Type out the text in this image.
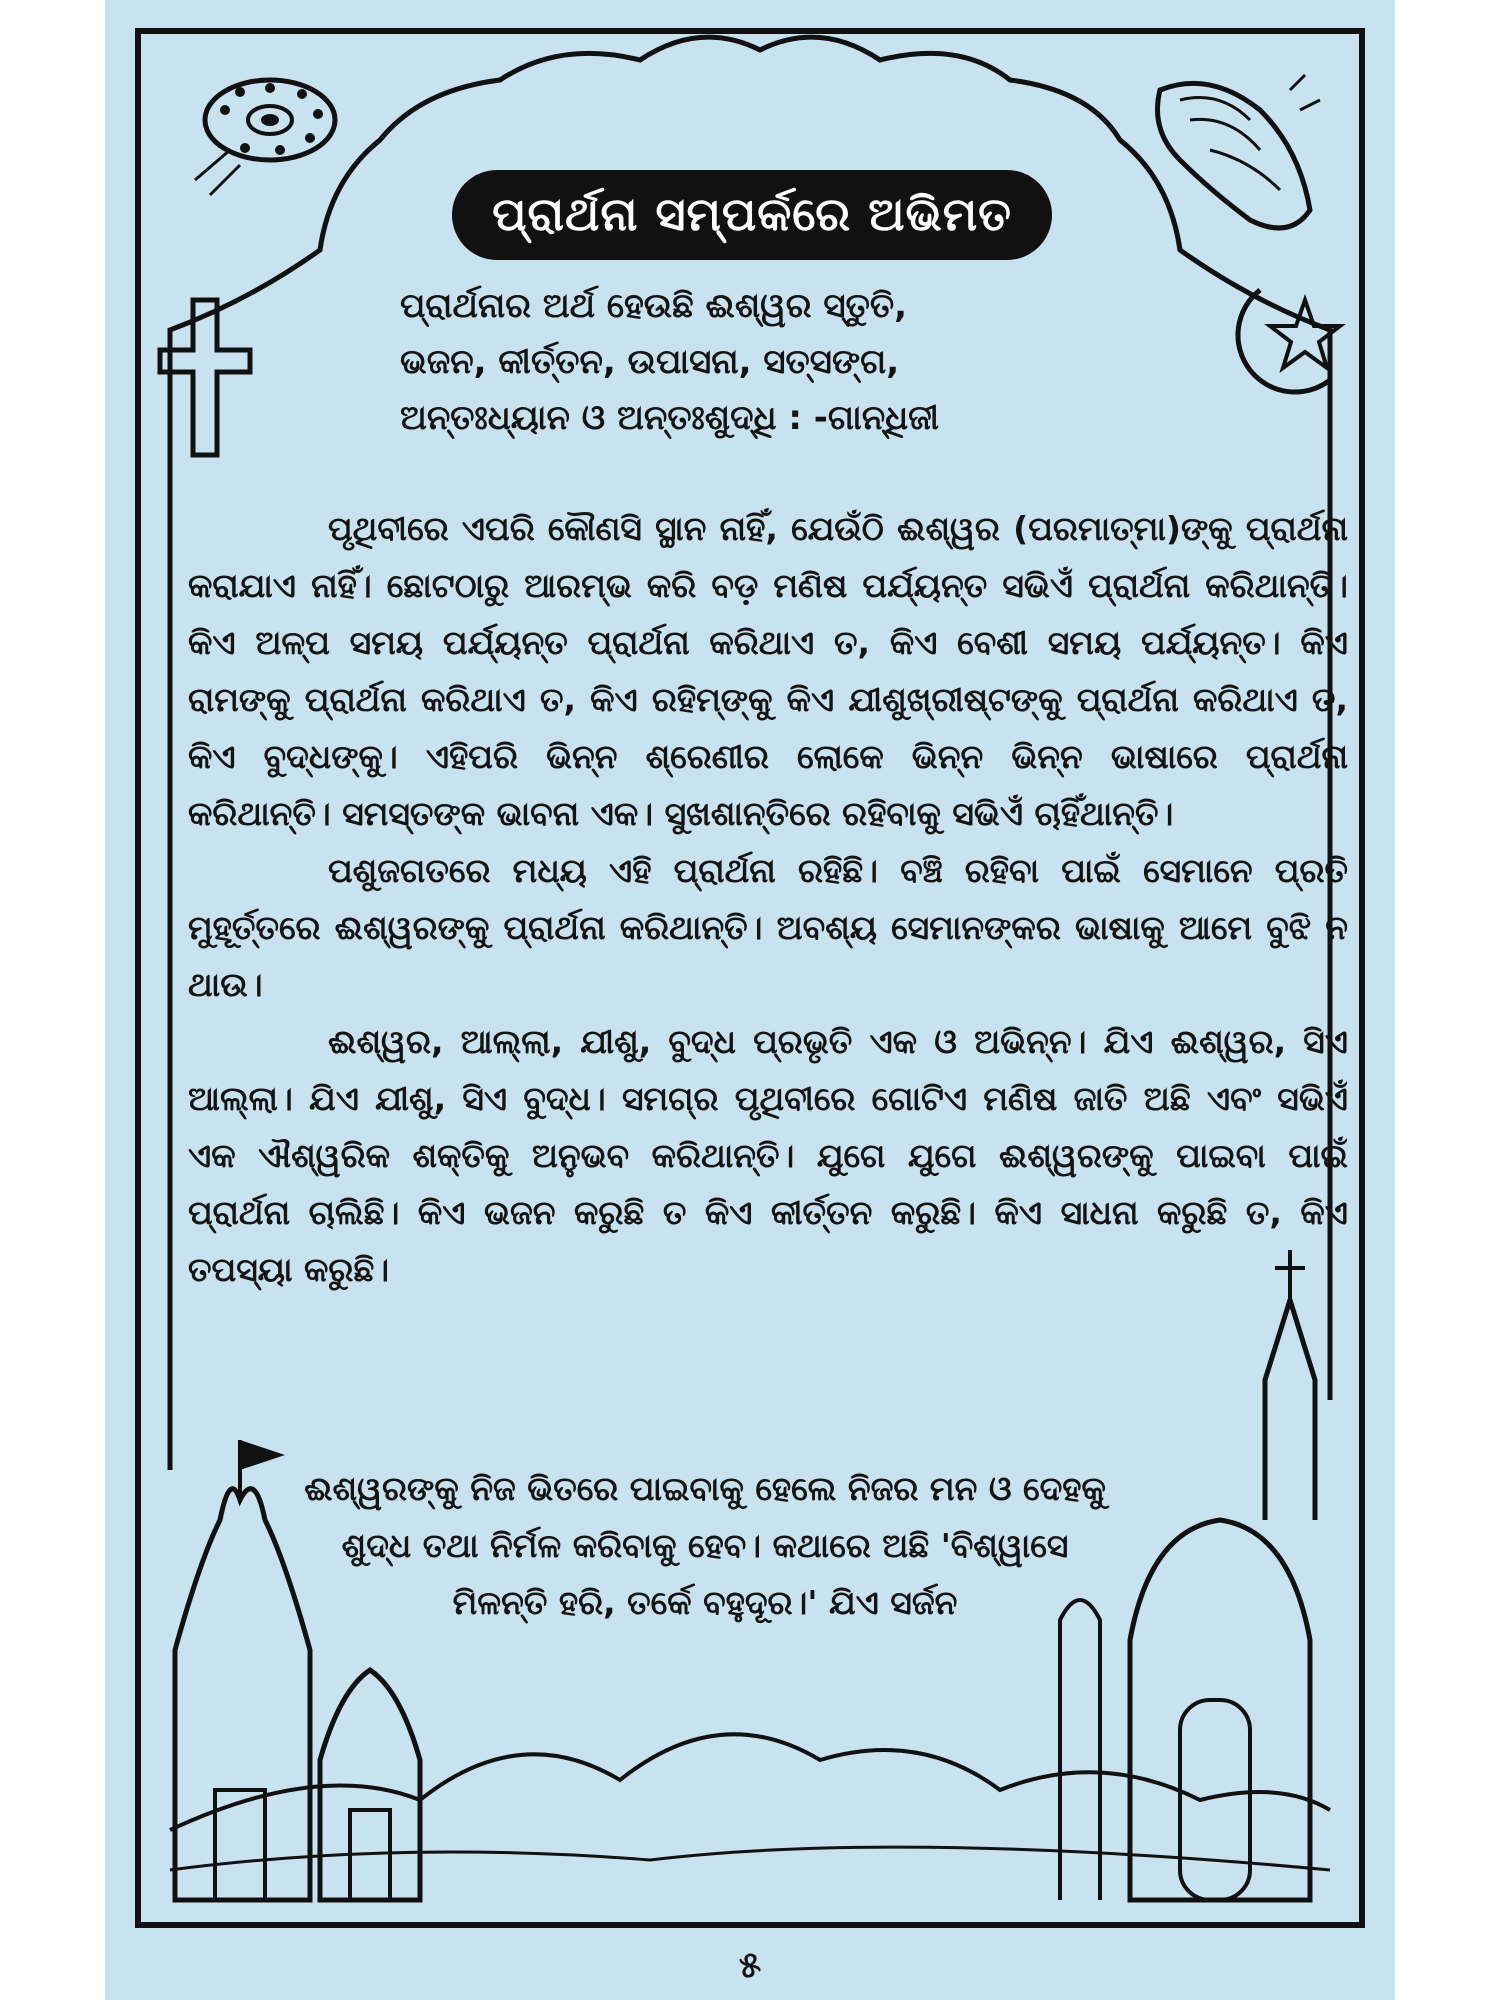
ପ୍ରାର୍ଥନା ସମ୍ପର୍କରେ ଅଭିମତ
ପ୍ରାର୍ଥନାର ଅର୍ଥ ହେଉଛି ଈଶ୍ୱର ସ୍ତୁତି,
ଭଜନ, କୀର୍ତ୍ତନ, ଉପାସନା, ସତ୍‌ସଙ୍ଗ,
ଅନ୍ତଃଧ୍ୟାନ ଓ ଅନ୍ତଃଶୁଦ୍ଧି : -ଗାନ୍ଧିଜୀ

ପୃଥିବୀରେ ଏପରି କୌଣସି ସ୍ଥାନ ନାହିଁ, ଯେଉଁଠି ଈଶ୍ୱର (ପରମାତ୍ମା)ଙ୍କୁ ପ୍ରାର୍ଥନା କରାଯାଏ ନାହିଁ। ଛୋଟଠାରୁ ଆରମ୍ଭ କରି ବଡ଼ ମଣିଷ ପର୍ଯ୍ୟନ୍ତ ସଭିଏଁ ପ୍ରାର୍ଥନା କରିଥାନ୍ତି। କିଏ ଅଳ୍ପ ସମୟ ପର୍ଯ୍ୟନ୍ତ ପ୍ରାର୍ଥନା କରିଥାଏ ତ, କିଏ ବେଶୀ ସମୟ ପର୍ଯ୍ୟନ୍ତ। କିଏ ରାମଙ୍କୁ ପ୍ରାର୍ଥନା କରିଥାଏ ତ, କିଏ ରହିମ୍‌ଙ୍କୁ କିଏ ଯୀଶୁଖ୍ରୀଷ୍ଟଙ୍କୁ ପ୍ରାର୍ଥନା କରିଥାଏ ତ, କିଏ ବୁଦ୍ଧଙ୍କୁ। ଏହିପରି ଭିନ୍ନ ଶ୍ରେଣୀର ଲୋକେ ଭିନ୍ନ ଭିନ୍ନ ଭାଷାରେ ପ୍ରାର୍ଥନା କରିଥାନ୍ତି। ସମସ୍ତଙ୍କ ଭାବନା ଏକ। ସୁଖଶାନ୍ତିରେ ରହିବାକୁ ସଭିଏଁ ଚାହିଁଥାନ୍ତି।

ପଶୁଜଗତରେ ମଧ୍ୟ ଏହି ପ୍ରାର୍ଥନା ରହିଛି। ବଞ୍ଚି ରହିବା ପାଇଁ ସେମାନେ ପ୍ରତି ମୁହୂର୍ତ୍ତରେ ଈଶ୍ୱରଙ୍କୁ ପ୍ରାର୍ଥନା କରିଥାନ୍ତି। ଅବଶ୍ୟ ସେମାନଙ୍କର ଭାଷାକୁ ଆମେ ବୁଝି ନ ଥାଉ।

ଈଶ୍ୱର, ଆଲ୍ଲା, ଯୀଶୁ, ବୁଦ୍ଧ ପ୍ରଭୃତି ଏକ ଓ ଅଭିନ୍ନ। ଯିଏ ଈଶ୍ୱର, ସିଏ ଆଲ୍ଲା। ଯିଏ ଯୀଶୁ, ସିଏ ବୁଦ୍ଧ। ସମଗ୍ର ପୃଥିବୀରେ ଗୋଟିଏ ମଣିଷ ଜାତି ଅଛି ଏବଂ ସଭିଏଁ ଏକ ଐଶ୍ୱରିକ ଶକ୍ତିକୁ ଅନୁଭବ କରିଥାନ୍ତି। ଯୁଗେ ଯୁଗେ ଈଶ୍ୱରଙ୍କୁ ପାଇବା ପାଇଁ ପ୍ରାର୍ଥନା ଚାଲିଛି। କିଏ ଭଜନ କରୁଛି ତ କିଏ କୀର୍ତ୍ତନ କରୁଛି। କିଏ ସାଧନା କରୁଛି ତ, କିଏ ତପସ୍ୟା କରୁଛି।

ଈଶ୍ୱରଙ୍କୁ ନିଜ ଭିତରେ ପାଇବାକୁ ହେଲେ ନିଜର ମନ ଓ ଦେହକୁ ଶୁଦ୍ଧ ତଥା ନିର୍ମଳ କରିବାକୁ ହେବ। କଥାରେ ଅଛି 'ବିଶ୍ୱାସେ ମିଳନ୍ତି ହରି, ତର୍କେ ବହୁଦୂର।' ଯିଏ ସର୍ଜନ
୫
